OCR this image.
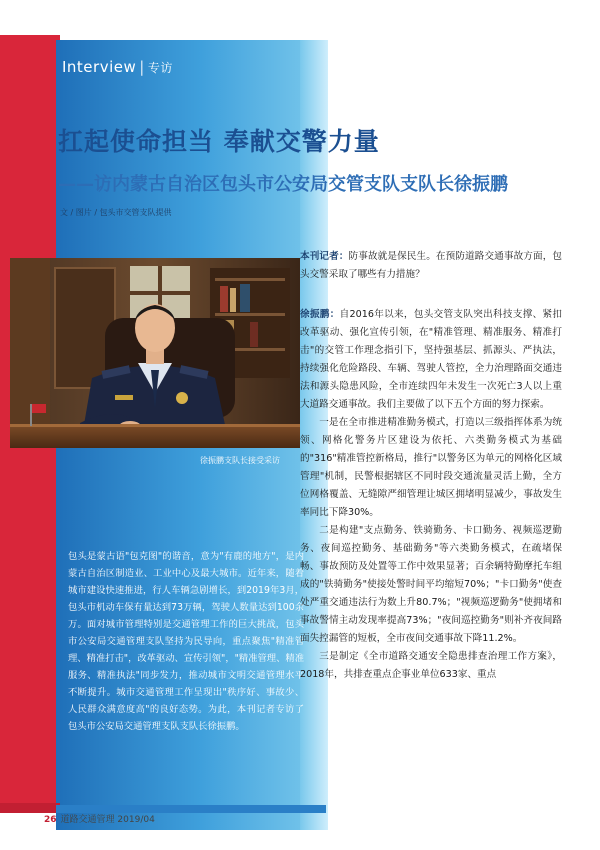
Interview | 专访
扛起使命担当 奉献交警力量
——访内蒙古自治区包头市公安局交管支队支队长徐振鹏
文 / 图片 / 包头市交管支队提供
徐振鹏支队长接受采访
包头是蒙古语"包克图"的谐音，意为"有鹿的地方"，是内蒙古自治区制造业、工业中心及最大城市。近年来，随着城市建设快速推进，行人车辆急剧增长，到2019年3月，包头市机动车保有量达到73万辆，驾驶人数量达到100余万。面对城市管理特别是交通管理工作的巨大挑战，包头市公安局交通管理支队坚持为民导向，重点聚焦"精准管理、精准打击"，改革驱动、宣传引领"，"精准管理、精准服务、精准执法"同步发力，推动城市文明交通管理水平不断提升。城市交通管理工作呈现出"秩序好、事故少、人民群众满意度高"的良好态势。为此，本刊记者专访了包头市公安局交通管理支队支队长徐振鹏。

本刊记者：防事故就是保民生。在预防道路交通事故方面，包头交警采取了哪些有力措施？

徐振鹏：自2016年以来，包头交管支队突出科技支撑、紧扣改革驱动、强化宣传引领，在"精准管理、精准服务、精准打击"的交管工作理念指引下，坚持强基层、抓源头、严执法，持续强化危险路段、车辆、驾驶人管控，全力治理路面交通违法和源头隐患风险，全市连续四年未发生一次死亡3人以上重大道路交通事故。我们主要做了以下五个方面的努力探索。

一是在全市推进精准勤务模式，打造以三级指挥体系为统领、网格化警务片区建设为依托、六类勤务模式为基础的"316"精准管控新格局，推行"以警务区为单元的网格化区域管理"机制，民警根据辖区不同时段交通流量灵活上勤，全方位网格覆盖、无缝隙严细管理让城区拥堵明显减少，事故发生率同比下降30%。

二是构建"支点勤务、铁骑勤务、卡口勤务、视频巡逻勤务、夜间巡控勤务、基础勤务"等六类勤务模式，在疏堵保畅、事故预防及处置等工作中效果显著；百余辆特勤摩托车组成的"铁骑勤务"使接处警时间平均缩短70%；"卡口勤务"使查处严重交通违法行为数上升80.7%；"视频巡逻勤务"使拥堵和事故警情主动发现率提高73%；"夜间巡控勤务"则补齐夜间路面失控漏管的短板，全市夜间交通事故下降11.2%。

三是制定《全市道路交通安全隐患排查治理工作方案》，2018年，共排查重点企事业单位633家、重点

26 道路交通管理 2019/04
